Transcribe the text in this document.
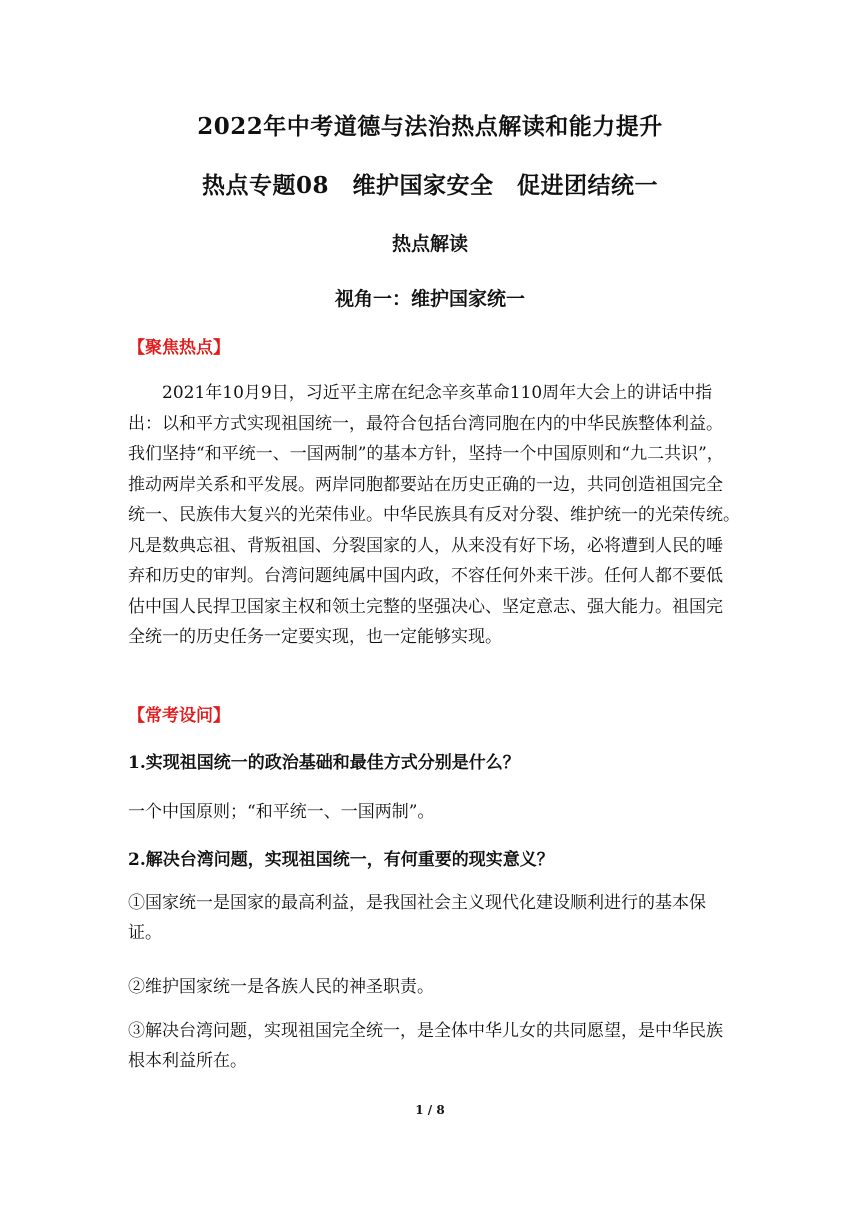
2022年中考道德与法治热点解读和能力提升
热点专题08　维护国家安全　促进团结统一
热点解读
视角一：维护国家统一
【聚焦热点】
2021年10月9日，习近平主席在纪念辛亥革命110周年大会上的讲话中指
出：以和平方式实现祖国统一，最符合包括台湾同胞在内的中华民族整体利益。
我们坚持“和平统一、一国两制”的基本方针，坚持一个中国原则和“九二共识”，
推动两岸关系和平发展。两岸同胞都要站在历史正确的一边，共同创造祖国完全
统一、民族伟大复兴的光荣伟业。中华民族具有反对分裂、维护统一的光荣传统。
凡是数典忘祖、背叛祖国、分裂国家的人，从来没有好下场，必将遭到人民的唾
弃和历史的审判。台湾问题纯属中国内政，不容任何外来干涉。任何人都不要低
估中国人民捍卫国家主权和领土完整的坚强决心、坚定意志、强大能力。祖国完
全统一的历史任务一定要实现，也一定能够实现。
【常考设问】
1.实现祖国统一的政治基础和最佳方式分别是什么？
一个中国原则；“和平统一、一国两制”。
2.解决台湾问题，实现祖国统一，有何重要的现实意义？
①国家统一是国家的最高利益，是我国社会主义现代化建设顺利进行的基本保
证。
②维护国家统一是各族人民的神圣职责。
③解决台湾问题，实现祖国完全统一，是全体中华儿女的共同愿望，是中华民族
根本利益所在。
1 / 8
